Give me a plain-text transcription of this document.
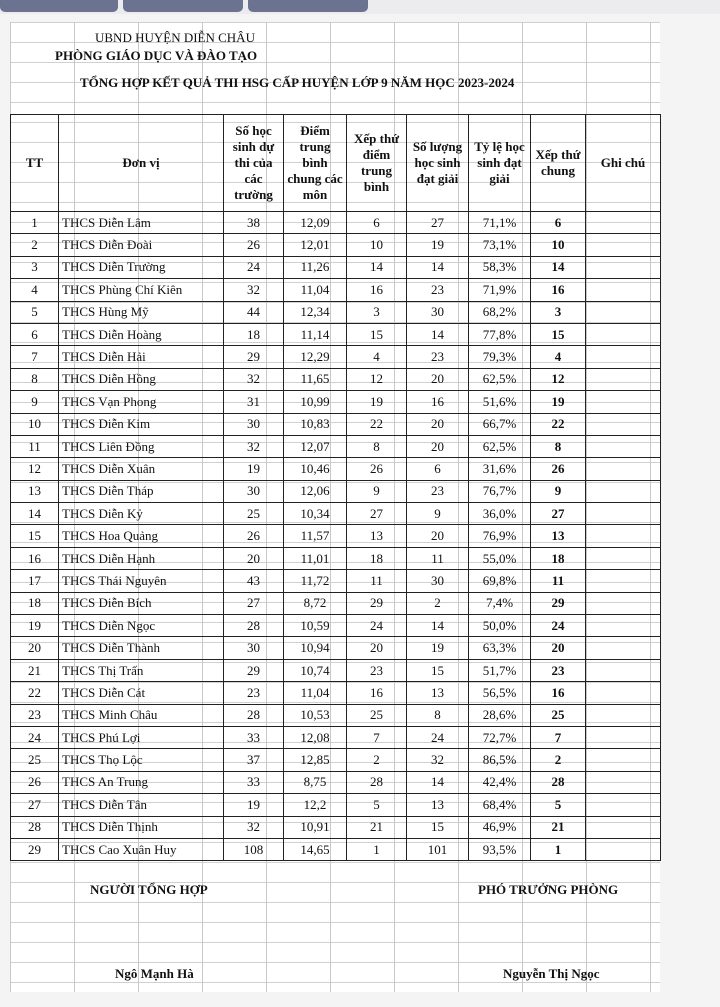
UBND HUYỆN DIỄN CHÂU
PHÒNG GIÁO DỤC VÀ ĐÀO TẠO
TỔNG HỢP KẾT QUẢ THI HSG CẤP HUYỆN LỚP 9 NĂM HỌC 2023-2024
TT	Đơn vị	Số học sinh dự thi của các trường	Điểm trung bình chung các môn	Xếp thứ điểm trung bình	Số lượng học sinh đạt giải	Tỷ lệ học sinh đạt giải	Xếp thứ chung	Ghi chú
1	THCS Diễn Lâm	38	12,09	6	27	71,1%	6	
2	THCS Diễn Đoài	26	12,01	10	19	73,1%	10	
3	THCS Diễn Trường	24	11,26	14	14	58,3%	14	
4	THCS Phùng Chí Kiên	32	11,04	16	23	71,9%	16	
5	THCS Hùng Mỹ	44	12,34	3	30	68,2%	3	
6	THCS Diễn Hoàng	18	11,14	15	14	77,8%	15	
7	THCS Diễn Hải	29	12,29	4	23	79,3%	4	
8	THCS Diễn Hồng	32	11,65	12	20	62,5%	12	
9	THCS Vạn Phong	31	10,99	19	16	51,6%	19	
10	THCS Diễn Kim	30	10,83	22	20	66,7%	22	
11	THCS Liên Đồng	32	12,07	8	20	62,5%	8	
12	THCS Diễn Xuân	19	10,46	26	6	31,6%	26	
13	THCS Diễn Tháp	30	12,06	9	23	76,7%	9	
14	THCS Diễn Kỷ	25	10,34	27	9	36,0%	27	
15	THCS Hoa Quảng	26	11,57	13	20	76,9%	13	
16	THCS Diễn Hạnh	20	11,01	18	11	55,0%	18	
17	THCS Thái Nguyên	43	11,72	11	30	69,8%	11	
18	THCS Diễn Bích	27	8,72	29	2	7,4%	29	
19	THCS Diễn Ngọc	28	10,59	24	14	50,0%	24	
20	THCS Diễn Thành	30	10,94	20	19	63,3%	20	
21	THCS Thị Trấn	29	10,74	23	15	51,7%	23	
22	THCS Diễn Cát	23	11,04	16	13	56,5%	16	
23	THCS Minh Châu	28	10,53	25	8	28,6%	25	
24	THCS Phú Lợi	33	12,08	7	24	72,7%	7	
25	THCS Thọ Lộc	37	12,85	2	32	86,5%	2	
26	THCS An Trung	33	8,75	28	14	42,4%	28	
27	THCS Diễn Tân	19	12,2	5	13	68,4%	5	
28	THCS Diễn Thịnh	32	10,91	21	15	46,9%	21	
29	THCS Cao Xuân Huy	108	14,65	1	101	93,5%	1	
NGƯỜI TỔNG HỢP	PHÓ TRƯỞNG PHÒNG
Ngô Mạnh Hà	Nguyễn Thị Ngọc
